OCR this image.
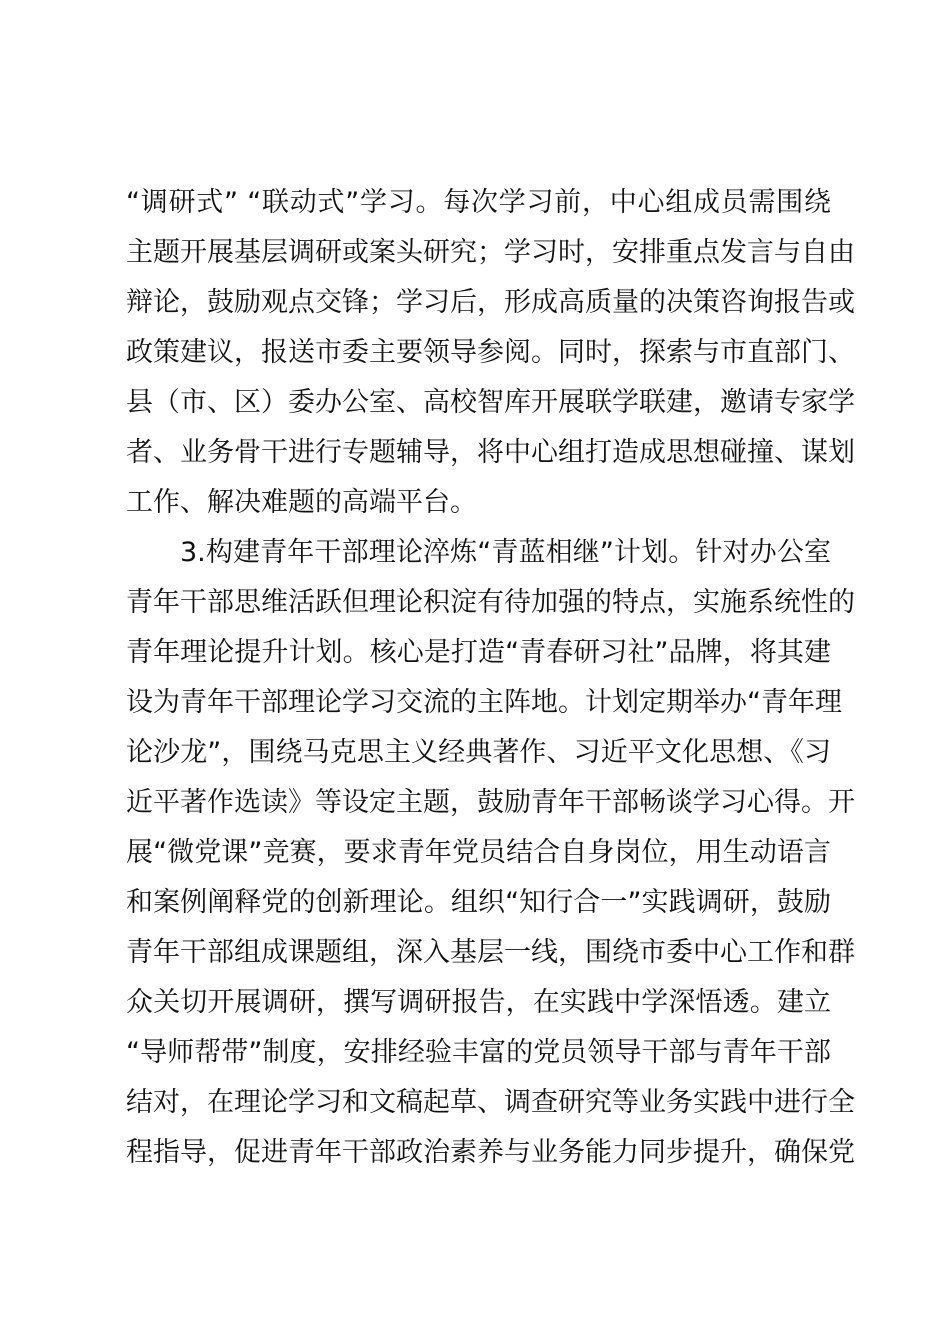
“调研式” “联动式”学习。每次学习前，中心组成员需围绕
主题开展基层调研或案头研究；学习时，安排重点发言与自由
辩论，鼓励观点交锋；学习后，形成高质量的决策咨询报告或
政策建议，报送市委主要领导参阅。同时，探索与市直部门、
县（市、区）委办公室、高校智库开展联学联建，邀请专家学
者、业务骨干进行专题辅导，将中心组打造成思想碰撞、谋划
工作、解决难题的高端平台。
3.构建青年干部理论淬炼“青蓝相继”计划。针对办公室
青年干部思维活跃但理论积淀有待加强的特点，实施系统性的
青年理论提升计划。核心是打造“青春研习社”品牌，将其建
设为青年干部理论学习交流的主阵地。计划定期举办“青年理
论沙龙”，围绕马克思主义经典著作、习近平文化思想、《习
近平著作选读》等设定主题，鼓励青年干部畅谈学习心得。开
展“微党课”竞赛，要求青年党员结合自身岗位，用生动语言
和案例阐释党的创新理论。组织“知行合一”实践调研，鼓励
青年干部组成课题组，深入基层一线，围绕市委中心工作和群
众关切开展调研，撰写调研报告，在实践中学深悟透。建立
“导师帮带”制度，安排经验丰富的党员领导干部与青年干部
结对，在理论学习和文稿起草、调查研究等业务实践中进行全
程指导，促进青年干部政治素养与业务能力同步提升，确保党
